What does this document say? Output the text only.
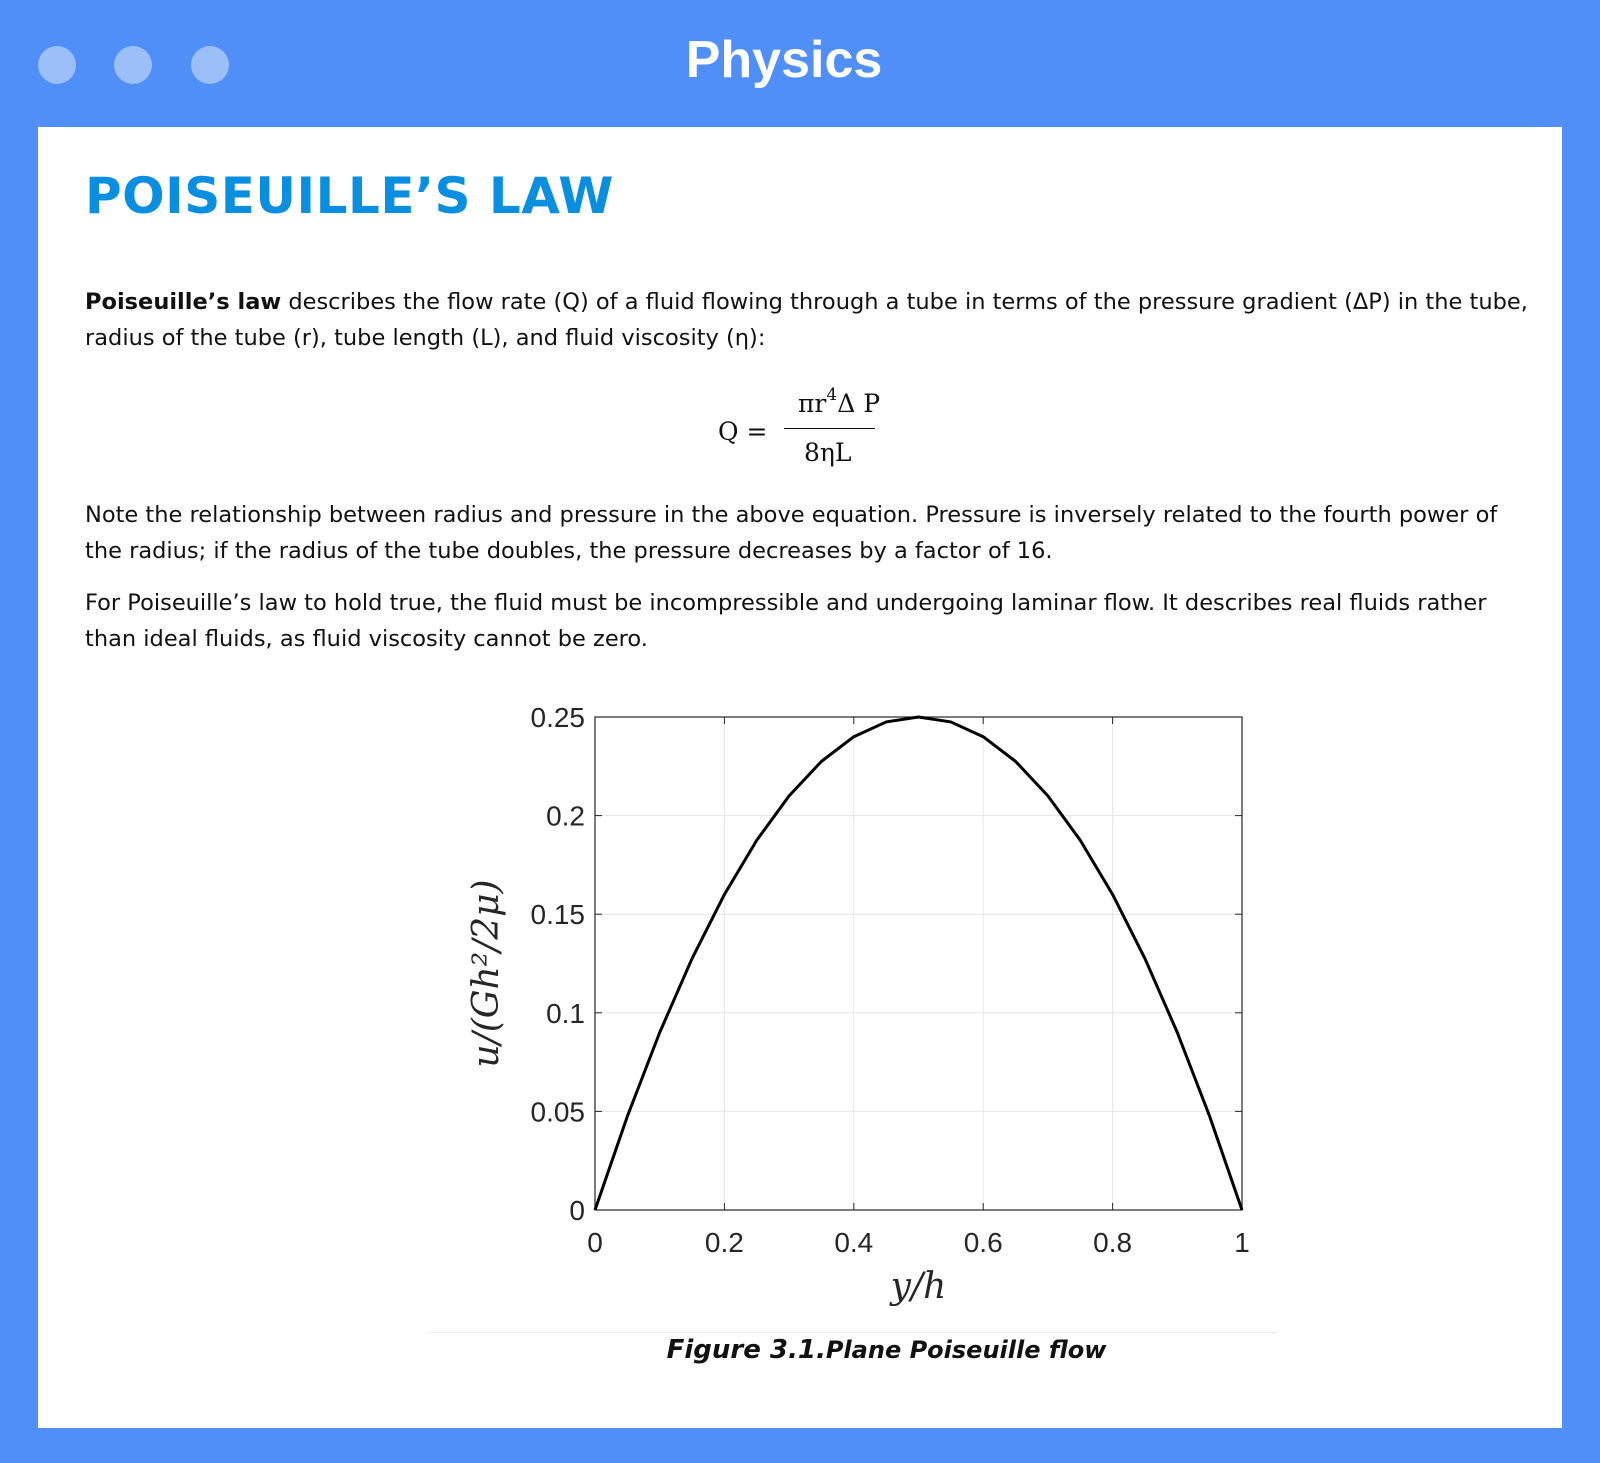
Physics
POISEUILLE’S LAW

Poiseuille’s law describes the flow rate (Q) of a fluid flowing through a tube in terms of the pressure gradient (ΔP) in the tube, radius of the tube (r), tube length (L), and fluid viscosity (η):

Q =
$\pi r^4\Delta$ P
8ηL

Note the relationship between radius and pressure in the above equation. Pressure is inversely related to the fourth power of the radius; if the radius of the tube doubles, the pressure decreases by a factor of 16.

For Poiseuille’s law to hold true, the fluid must be incompressible and undergoing laminar flow. It describes real fluids rather than ideal fluids, as fluid viscosity cannot be zero.

0	0.2	0.4	0.6	0.8	1
0
0.05
0.1
0.15
0.2
0.25
y/h
u/(Gh²/2μ)

Figure 3.1.Plane Poiseuille flow
